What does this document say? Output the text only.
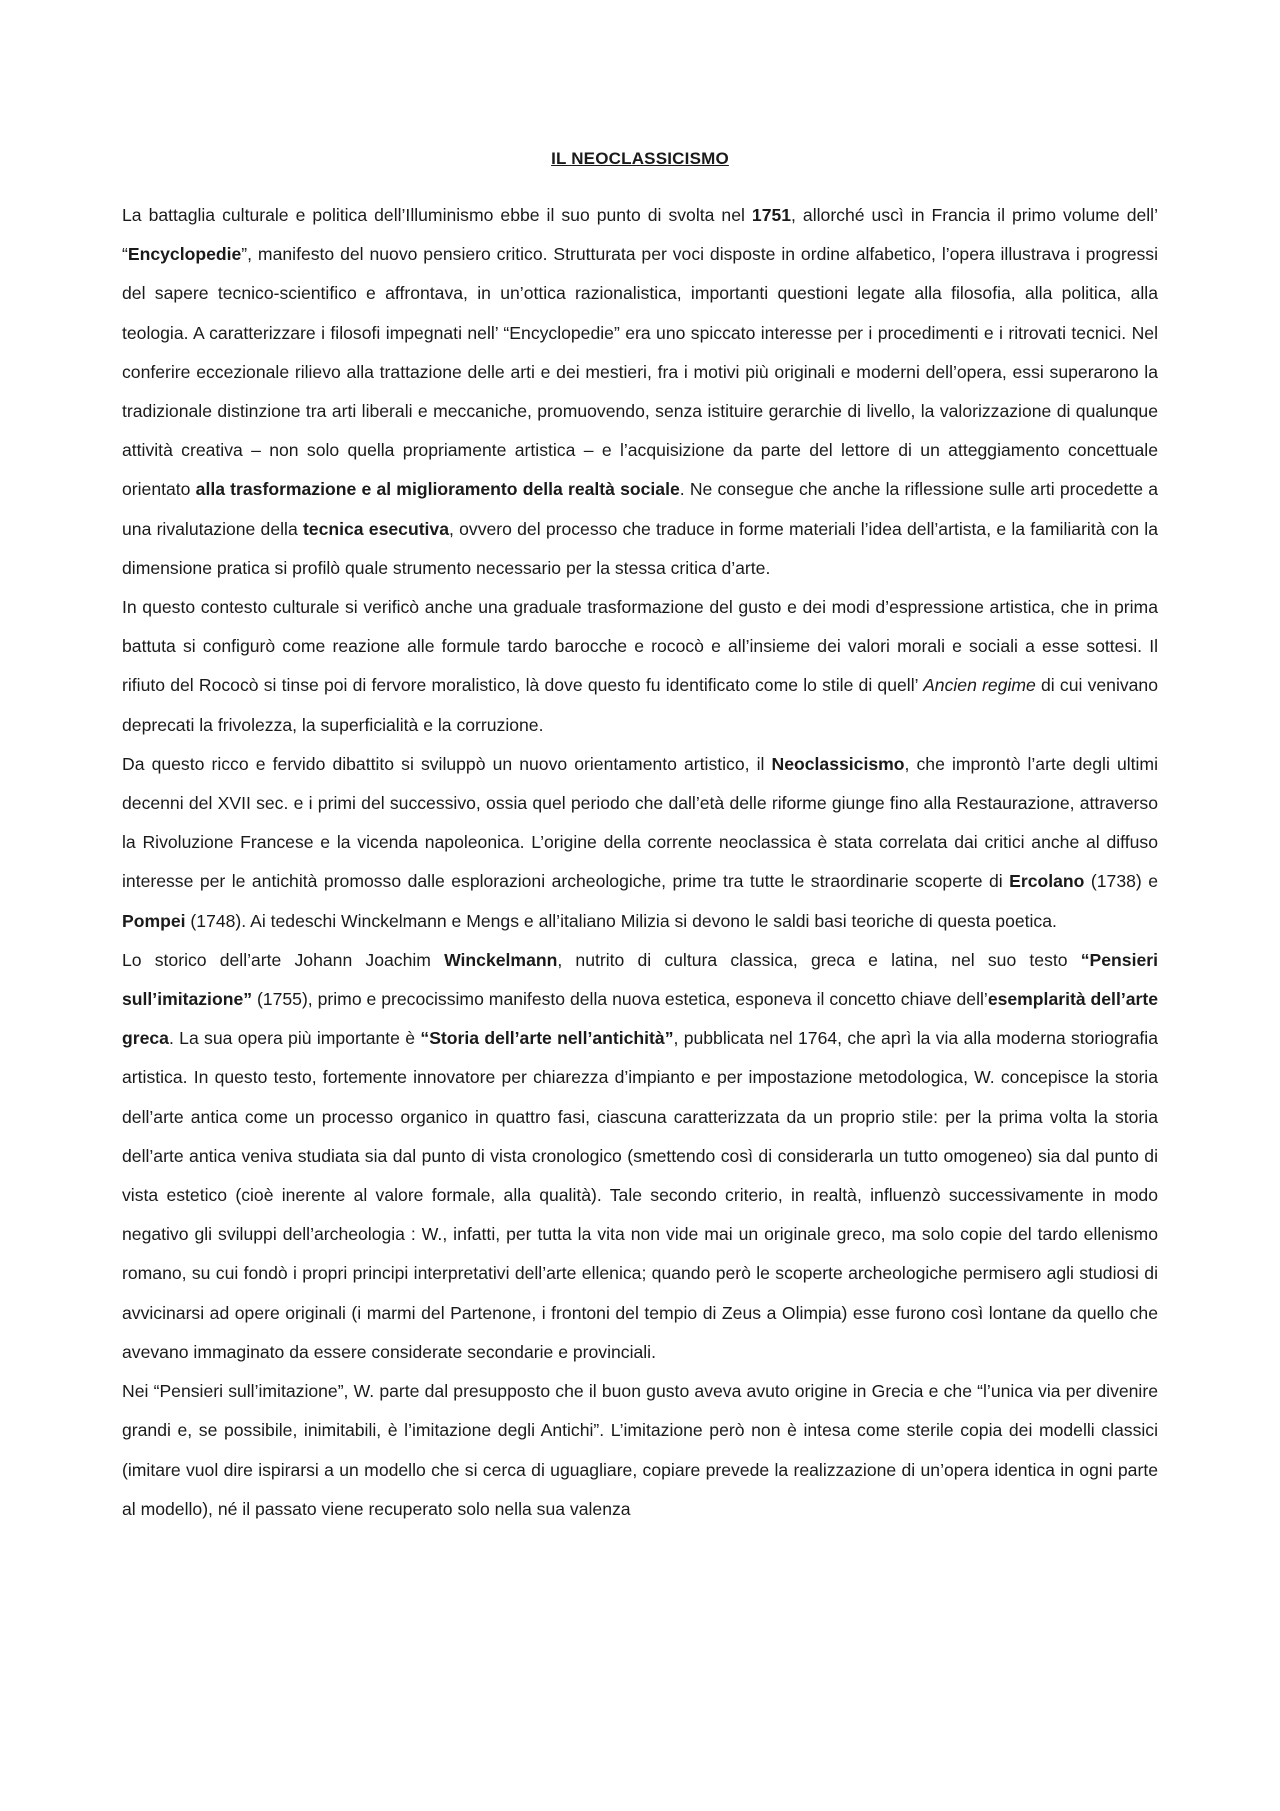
IL NEOCLASSICISMO

La battaglia culturale e politica dell’Illuminismo ebbe il suo punto di svolta nel 1751, allorché uscì in Francia il primo volume dell’ “Encyclopedie”, manifesto del nuovo pensiero critico. Strutturata per voci disposte in ordine alfabetico, l’opera illustrava i progressi del sapere tecnico-scientifico e affrontava, in un’ottica razionalistica, importanti questioni legate alla filosofia, alla politica, alla teologia. A caratterizzare i filosofi impegnati nell’ “Encyclopedie” era uno spiccato interesse per i procedimenti e i ritrovati tecnici. Nel conferire eccezionale rilievo alla trattazione delle arti e dei mestieri, fra i motivi più originali e moderni dell’opera, essi superarono la tradizionale distinzione tra arti liberali e meccaniche, promuovendo, senza istituire gerarchie di livello, la valorizzazione di qualunque attività creativa – non solo quella propriamente artistica – e l’acquisizione da parte del lettore di un atteggiamento concettuale orientato alla trasformazione e al miglioramento della realtà sociale. Ne consegue che anche la riflessione sulle arti procedette a una rivalutazione della tecnica esecutiva, ovvero del processo che traduce in forme materiali l’idea dell’artista, e la familiarità con la dimensione pratica si profilò quale strumento necessario per la stessa critica d’arte.

In questo contesto culturale si verificò anche una graduale trasformazione del gusto e dei modi d’espressione artistica, che in prima battuta si configurò come reazione alle formule tardo barocche e rococò e all’insieme dei valori morali e sociali a esse sottesi. Il rifiuto del Rococò si tinse poi di fervore moralistico, là dove questo fu identificato come lo stile di quell’ Ancien regime di cui venivano deprecati la frivolezza, la superficialità e la corruzione.

Da questo ricco e fervido dibattito si sviluppò un nuovo orientamento artistico, il Neoclassicismo, che improntò l’arte degli ultimi decenni del XVII sec. e i primi del successivo, ossia quel periodo che dall’età delle riforme giunge fino alla Restaurazione, attraverso la Rivoluzione Francese e la vicenda napoleonica. L’origine della corrente neoclassica è stata correlata dai critici anche al diffuso interesse per le antichità promosso dalle esplorazioni archeologiche, prime tra tutte le straordinarie scoperte di Ercolano (1738) e Pompei (1748). Ai tedeschi Winckelmann e Mengs e all’italiano Milizia si devono le saldi basi teoriche di questa poetica.

Lo storico dell’arte Johann Joachim Winckelmann, nutrito di cultura classica, greca e latina, nel suo testo “Pensieri sull’imitazione” (1755), primo e precocissimo manifesto della nuova estetica, esponeva il concetto chiave dell’esemplarità dell’arte greca. La sua opera più importante è “Storia dell’arte nell’antichità”, pubblicata nel 1764, che aprì la via alla moderna storiografia artistica. In questo testo, fortemente innovatore per chiarezza d’impianto e per impostazione metodologica, W. concepisce la storia dell’arte antica come un processo organico in quattro fasi, ciascuna caratterizzata da un proprio stile: per la prima volta la storia dell’arte antica veniva studiata sia dal punto di vista cronologico (smettendo così di considerarla un tutto omogeneo) sia dal punto di vista estetico (cioè inerente al valore formale, alla qualità). Tale secondo criterio, in realtà, influenzò successivamente in modo negativo gli sviluppi dell’archeologia : W., infatti, per tutta la vita non vide mai un originale greco, ma solo copie del tardo ellenismo romano, su cui fondò i propri principi interpretativi dell’arte ellenica; quando però le scoperte archeologiche permisero agli studiosi di avvicinarsi ad opere originali (i marmi del Partenone, i frontoni del tempio di Zeus a Olimpia) esse furono così lontane da quello che avevano immaginato da essere considerate secondarie e provinciali.

Nei “Pensieri sull’imitazione”, W. parte dal presupposto che il buon gusto aveva avuto origine in Grecia e che “l’unica via per divenire grandi e, se possibile, inimitabili, è l’imitazione degli Antichi”. L’imitazione però non è intesa come sterile copia dei modelli classici (imitare vuol dire ispirarsi a un modello che si cerca di uguagliare, copiare prevede la realizzazione di un’opera identica in ogni parte al modello), né il passato viene recuperato solo nella sua valenza
